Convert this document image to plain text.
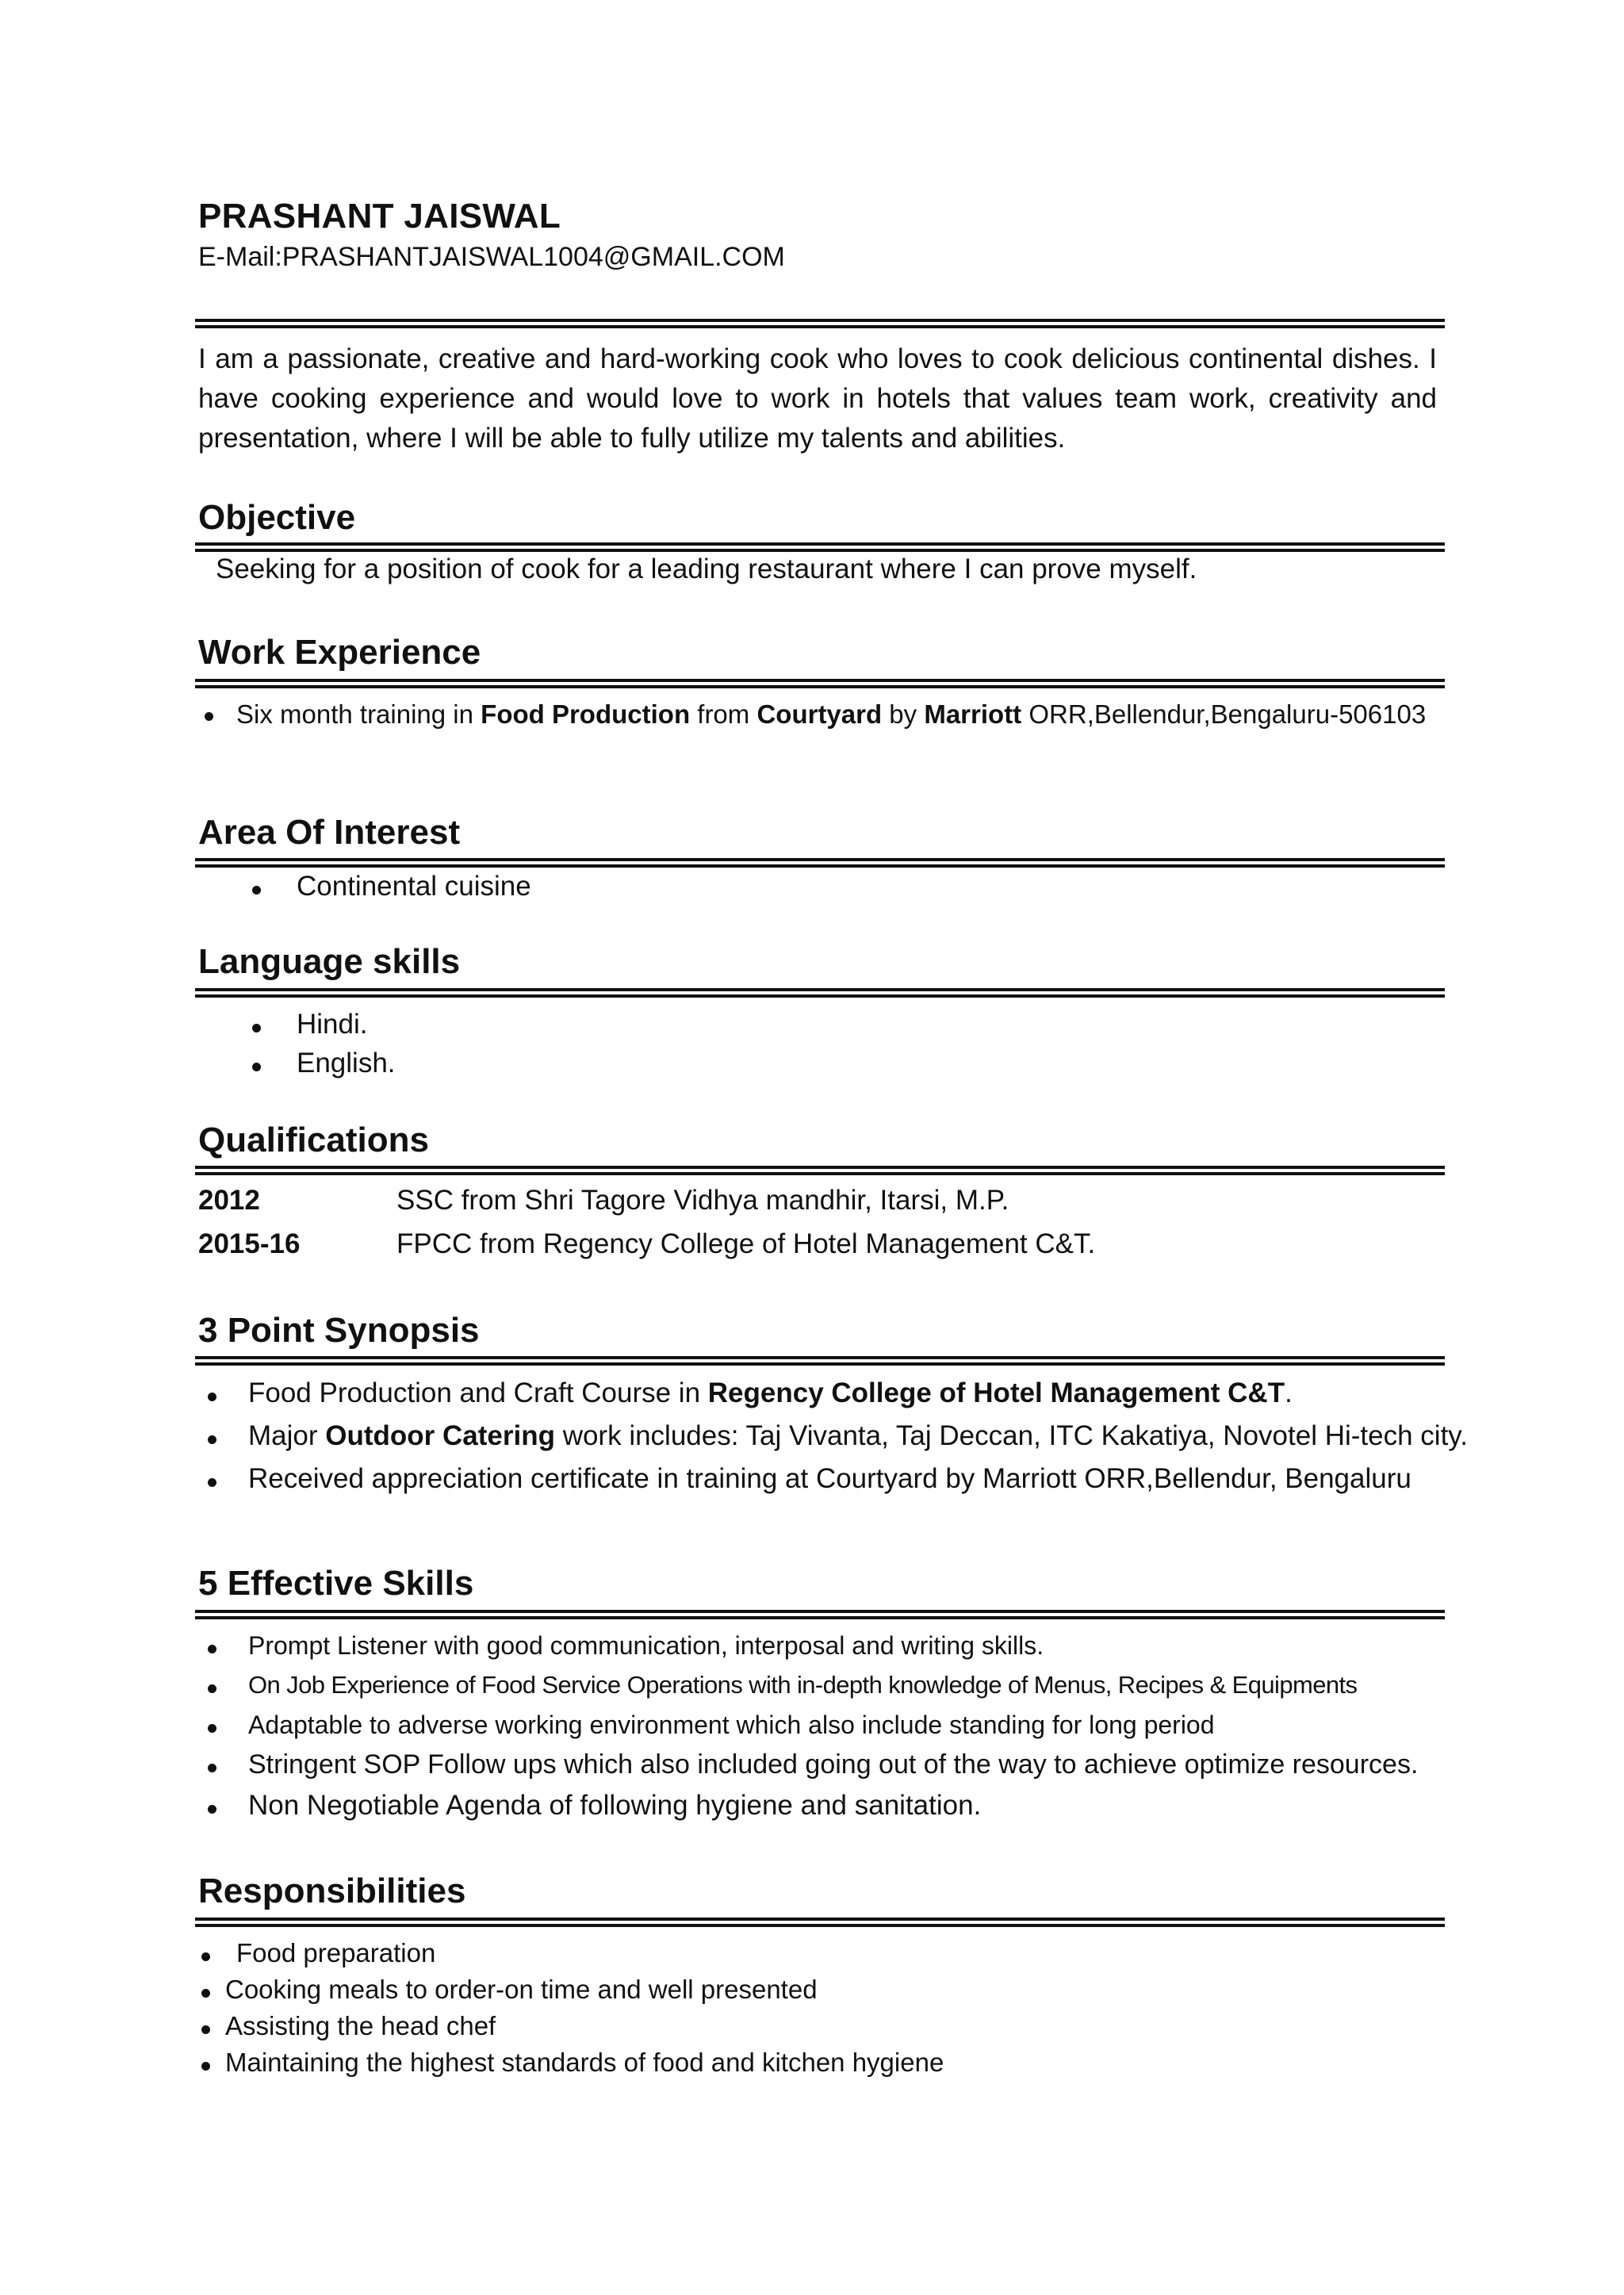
PRASHANT JAISWAL
E-Mail:PRASHANTJAISWAL1004@GMAIL.COM
I am a passionate, creative and hard-working cook who loves to cook delicious continental dishes. I have cooking experience and would love to work in hotels that values team work, creativity and presentation, where I will be able to fully utilize my talents and abilities.
Objective
Seeking for a position of cook for a leading restaurant where I can prove myself.
Work Experience
Six month training in Food Production from Courtyard by Marriott ORR,Bellendur,Bengaluru-506103
Area Of Interest
Continental cuisine
Language skills
Hindi.
English.
Qualifications
2012	SSC from Shri Tagore Vidhya mandhir, Itarsi, M.P.
2015-16	FPCC from Regency College of Hotel Management C&T.
3 Point Synopsis
Food Production and Craft Course in Regency College of Hotel Management C&T.
Major Outdoor Catering work includes: Taj Vivanta, Taj Deccan, ITC Kakatiya, Novotel Hi-tech city.
Received appreciation certificate in training at Courtyard by Marriott ORR,Bellendur, Bengaluru
5 Effective Skills
Prompt Listener with good communication, interposal and writing skills.
On Job Experience of Food Service Operations with in-depth knowledge of Menus, Recipes & Equipments
Adaptable to adverse working environment which also include standing for long period
Stringent SOP Follow ups which also included going out of the way to achieve optimize resources.
Non Negotiable Agenda of following hygiene and sanitation.
Responsibilities
Food preparation
Cooking meals to order-on time and well presented
Assisting the head chef
Maintaining the highest standards of food and kitchen hygiene
